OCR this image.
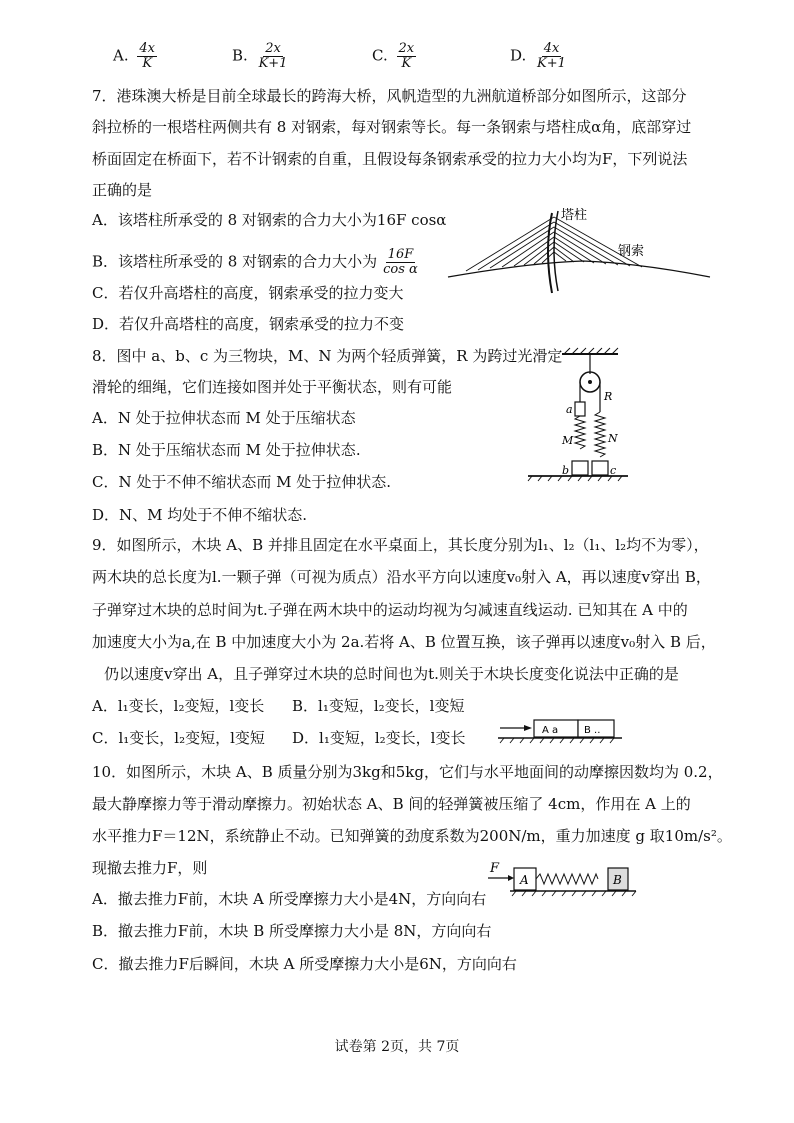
A. $\frac{4x}{K}$	B. $\frac{2x}{K+1}$	C. $\frac{2x}{K}$	D. $\frac{4x}{K+1}$
7．港珠澳大桥是目前全球最长的跨海大桥，风帆造型的九洲航道桥部分如图所示，这部分
斜拉桥的一根塔柱两侧共有 8 对钢索，每对钢索等长。每一条钢索与塔柱成α角，底部穿过
桥面固定在桥面下，若不计钢索的自重，且假设每条钢索承受的拉力大小均为F，下列说法
正确的是
A．该塔柱所承受的 8 对钢索的合力大小为16F cosα
B．该塔柱所承受的 8 对钢索的合力大小为 $\frac{16F}{\text{cos α}}$
C．若仅升高塔柱的高度，钢索承受的拉力变大
D．若仅升高塔柱的高度，钢索承受的拉力不变
塔柱
钢索
8．图中 a、b、c 为三物块，M、N 为两个轻质弹簧，R 为跨过光滑定
滑轮的细绳，它们连接如图并处于平衡状态，则有可能
A．N 处于拉伸状态而 M 处于压缩状态
B．N 处于压缩状态而 M 处于拉伸状态.
C．N 处于不伸不缩状态而 M 处于拉伸状态.
D．N、M 均处于不伸不缩状态.
a
M	N
R
b	c
9．如图所示，木块 A、B 并排且固定在水平桌面上，其长度分别为l₁、l₂（l₁、l₂均不为零），
两木块的总长度为l.一颗子弹（可视为质点）沿水平方向以速度v₀射入 A，再以速度v穿出 B，
子弹穿过木块的总时间为t.子弹在两木块中的运动均视为匀减速直线运动. 已知其在 A 中的
加速度大小为a,在 B 中加速度大小为 2a.若将 A、B 位置互换，该子弹再以速度v₀射入 B 后，
仍以速度v穿出 A，且子弹穿过木块的总时间也为t.则关于木块长度变化说法中正确的是
A．l₁变长，l₂变短，l变长 B．l₁变短，l₂变长，l变短
C．l₁变长，l₂变短，l变短 D．l₁变短，l₂变长，l变长	A a	B ..
10．如图所示，木块 A、B 质量分别为3kg和5kg，它们与水平地面间的动摩擦因数均为 0.2，
最大静摩擦力等于滑动摩擦力。初始状态 A、B 间的轻弹簧被压缩了 4cm，作用在 A 上的
水平推力F＝12N，系统静止不动。已知弹簧的劲度系数为200N/m，重力加速度 g 取10m/s²。
现撤去推力F，则
A．撤去推力F前，木块 A 所受摩擦力大小是4N，方向向右
B．撤去推力F前，木块 B 所受摩擦力大小是 8N，方向向右
C．撤去推力F后瞬间，木块 A 所受摩擦力大小是6N，方向向右
F
A	B
试卷第 2页，共 7页
